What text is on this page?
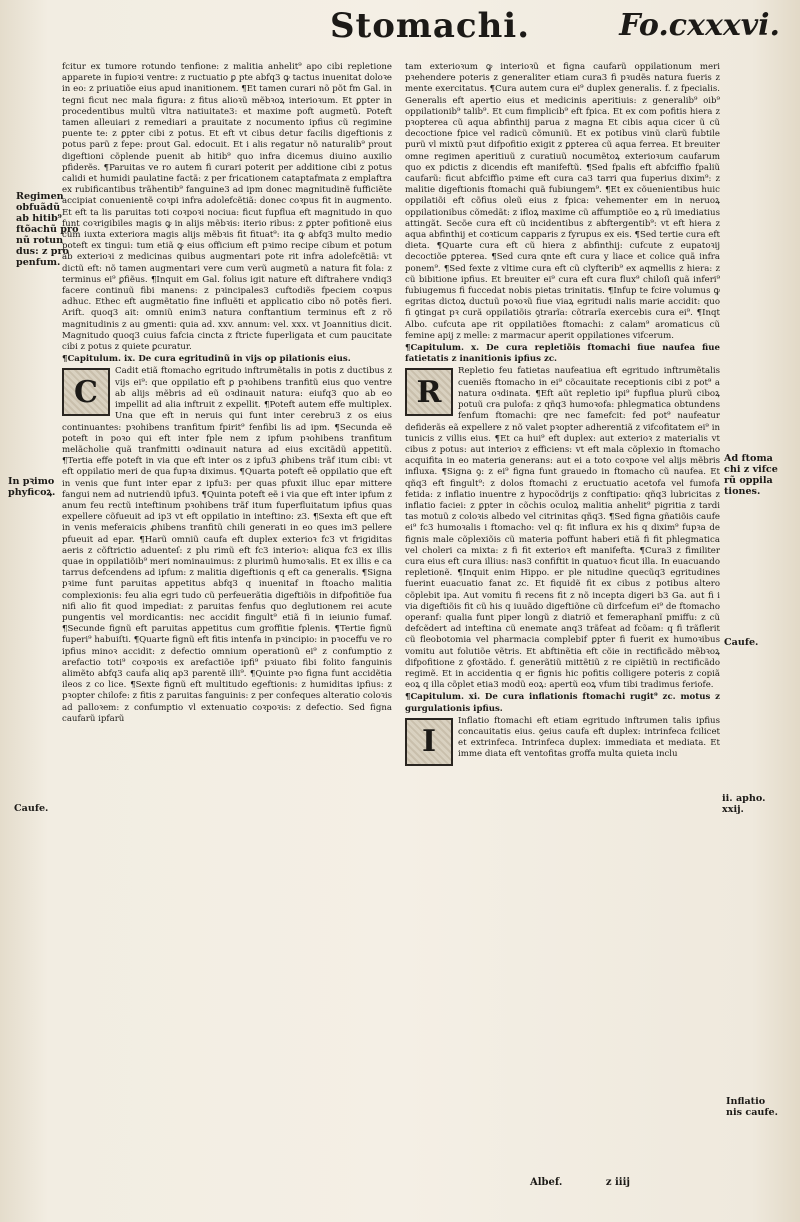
Stomachi.	Fo.cxxxvi.
Regimen
obfuãdũ
ab hitib⁹
ftõachũ pro
nũ rotun
dus: z pro
penfum.
In pꝛimo
phyficoꝝ.
Caufe.
Ad ftoma
chi z vifce
rũ oppila
tiones.
Caufe.
ii. apho.
xxij.
Inflatio
nis caufe.

fcitur ex tumore rotundo tenfione: z malitia anhelit⁹ apo cibi repletione apparete in fupioꝛi ventre: z ructuatio ꝑ pte abfq3 ꝙ tactus inuenitat doloꝛe in eo: z priuatiõe eius apud inanitionem. ¶Et tamen curari nõ põt fm Gal. in tegni ficut nec mala figura: z fitus alioꝛũ mẽbꝛoꝝ interioꝛum. Et ꝑpter in procedentibus multũ vltra natiuitate3: et maxime poft augmetũ. Poteft tamen alleuiari z remediari a prauitate z nocumento ipfius cũ regimine puente te: z ꝑpter cibi z potus. Et eft vt cibus detur facilis digeftionis z potus parũ z fepe: prout Gal. edocuit. Et i alis regatur nõ naturalib⁹ prout digeftioni cõplende puenit ab hitib⁹ quo infra dicemus diuino auxilio pfiderẽs. ¶Paruitas ve ro autem fi curari poterit per additione cibi z potus calidi et humidi paulatine factã: z per fricationem cataptafmata z emplaftra ex rubificantibus trãhentib⁹ fanguine3 ad ipm donec magnitudinẽ fufficiẽte accipiat conuenientẽ coꝛpi infra adolefcẽtiã: donec coꝛpus fit in augmento. Et eft ta lis paruitas toti coꝛpoꝛi nociua: ficut fupflua eft magnitudo in quo funt coꝛrigibiles magis ꝙ in alijs mẽbꝛis: iterio ribus: z ꝑpter pofitionẽ eius cum iuxta exteriora magis alijs mẽbꝛis fit fituat⁹: ita ꝙ abfq3 multo medio poteft ex tingui: tum etiã ꝙ eius officium eft pꝛimo recipe cibum et potum ab exterioꝛi z medicinas quibus augmentari pote rit infra adolefcẽtiã: vt dictũ eft: nõ tamen augmentari vere cum verũ augmetũ a natura fit fola: z terminus ei⁹ ꝑfiẽus. ¶Inquit em Gal. folius igit nature eft diftrahere vndiq3 facere continuũ fibi manens: z pꝛincipales3 cuftodiẽs fpeciem coꝛpus adhuc. Ethec eft augmẽtatio fine influẽti et applicatio cibo nõ potẽs fieri. Arift. quoq3 ait: omniũ enim3 natura conftantium terminus eft z rõ magnitudinis z au gmenti: quia ad. xxv. annum: vel. xxx. vt Joannitius dicit. Magnitudo quoq3 cuius fafcia cincta z ftricte fuperligata et cum paucitate cibi z potus z quiete ꝑcuratur.

¶Capitulum. ix. De cura egritudinũ in vijs op pilationis eius.

C
Cadit etiã ftomacho egritudo inftrumẽtalis in potis z ductibus z vijs ei⁹: que oppilatio eft ꝑ pꝛohibens tranfitũ eius quo ventre ab alijs mẽbris ad eũ oꝛdinauit natura: eiufq3 quo ab eo impellit ad alia inftruit z expellit. ¶Poteft autem effe multiplex. Una que eft in neruis qui funt inter cerebru3 z os eius continuantes: pꝛohibens tranfitum fpirit⁹ fenfibi lis ad ipm. ¶Secunda eẽ poteft in poꝛo qui eft inter fple nem z ipfum pꝛohibens tranfitum melãcholie quã tranfmitti oꝛdinauit natura ad eius excitãdũ appetitũ. ¶Tertia effe poteft in via que eft inter os z ipfu3 ꝓhibens trãf itum cibi: vt eft oppilatio meri de qua fupꝛa diximus. ¶Quarta poteft eẽ oppilatio que eft in venis que funt inter epar z ipfu3: per quas pfuxit illuc epar mittere fangui nem ad nutriendũ ipfu3. ¶Quinta poteft eẽ i via que eft inter ipfum z anum feu rectũ inteftinum pꝛohibens trãf itum fuperfluitatum ipfius quas expellere cõfueuit ad ip3 vt eft oppilatio in inteftino: z3. ¶Sexta eft que eft in venis meferaicis ꝓhibens tranfitũ chili generati in eo ques im3 pellere pfueuit ad epar. ¶Harũ omniũ caufa eft duplex exterioꝛ fc3 vt frigiditas aeris z cõftrictio aduenteſ: z plu rimũ eft fc3 interioꝛ: aliqua fc3 ex illis quae in oppilatiõib⁹ meri nominauimus: z plurimũ humoꝛalis. Et ex illis e ca tarrus defcendens ad ipfum: z malitia digeftionis q eft ca generalis. ¶Signa pꝛime funt paruitas appetitus abfq3 q inuenitaf in ftoacho malitia complexionis: feu alia egri tudo cũ perfeuerãtia digeftiõis in difpofitiõe fua nifi alio fit quod impediat: z paruitas fenfus quo deglutionem rei acute pungentis vel mordicantis: nec accidit fingult⁹ etiã fi in ieiunio fumaf. ¶Secunde fignũ eft paruitas appetitus cum groffitie fplenis. ¶Tertie fignũ fuperi⁹ habuiſti. ¶Quarte fignũ eft fitis intenfa in pꝛincipio: in pꝛoceffu ve ro ipfius minoꝛ accidit: z defectio omnium operationũ ei⁹ z confumptio z arefactio toti⁹ coꝛpoꝛis ex arefactiõe ipfi⁹ pꝛiuato fibi folito fanguinis alimẽto abfq3 caufa aliq ap3 parentẽ illi⁹. ¶Quinte pꝛo figna funt accidẽtia ileos z co lice. ¶Sexte fignũ eft multitudo egeftionis: z humiditas ipfius: z pꝛopter chilofe: z fitis z paruitas fanguinis: z per confeques alteratio coloꝛis ad palloꝛem: z confumptio vl extenuatio coꝛpoꝛis: z defectio. Sed figna caufarũ ipfarũ

tam exterioꝛum ꝙ interioꝛũ et figna caufarũ oppilationum meri pꝛehendere poteris z generaliter etiam cura3 fi pꝛudẽs natura fueris z mente exercitatus. ¶Cura autem cura ei⁹ duplex generalis. f. z fpecialis. Generalis eft apertio eius et medicinis aperitiuis: z generalib⁹ oib⁹ oppilationib⁹ talib⁹. Et cum fimplicib⁹ eft fpica. Et ex com pofitis hiera z pꝛopterea cũ aqua abfinthij parua z magna Et cibis aqua cicer ũ cũ decoctione fpice vel radicũ cõmuniũ. Et ex potibus vinũ clarũ fubtile purũ vl mixtũ pꝛut difpofitio exigit z ꝑpterea cũ aqua ferrea. Et breuiter omne regimen aperitiuũ z curatiuũ nocumẽtoꝝ exterioꝛum caufarum quo ex pdictis z dicendis eft manifeftũ. ¶Sed fpalis eft abfciffio fpaliũ caufarũ: ficut abfciffio pꝛime eft cura ca3 tarri qua fuperius dixim⁹: z malitie digeftionis ftomachi quã fubiungem⁹. ¶Et ex cõuenientibus huic oppilatiõi eft cõfius oleũ eius z fpica: vehementer em in neruoꝝ oppilationibus cõmedãt: z ifloꝝ maxime cũ affumptiõe eo ꝝ rũ imediatius attingãt. Secõe cura eft cũ incidentibus z abftergentib⁹: vt eft hiera z aqua abfinthij et coꝛticum capparis z fyrupus ex eis. ¶Sed tertie cura eft dieta. ¶Quarte cura eft cũ hiera z abfinthij: cufcute z eupatoꝛij decoctiõe ꝑpterea. ¶Sed cura qnte eft cura y liace et colice quã infra ponem⁹. ¶Sed fexte z vltime cura eft cũ clyfterib⁹ ex aqmellis z hiera: z cũ bibitione ipfius. Et breuiter ei⁹ cura eft cura flux⁹ chiloſi quã inferi⁹ fubiugemus fi fuccedat nobis pietas trinitatis. ¶Infup te fcire volumus ꝙ egritas dictoꝝ ductuũ poꝛoꝛũ fiue viaꝝ egritudi nalis marie accidit: quo fi ꝯtingat pꝛ curã oppilatiõis ꝯtrarĩa: cõtrarĩa exercebis cura ei⁹. ¶Inqt Albo. cufcuta ape rit oppilatiões ftomachi: z calam⁹ aromaticus cũ femine apij z melle: z marmacur aperit oppilationes vifcerum.

¶Capitulum. x. De cura repletiõis ftomachi fiue naufea fiue fatietatis z inanitionis ipfius zc.

R
Repletio feu fatietas naufeatiua eft egritudo inftrumẽtalis cueniẽs ftomacho in ei⁹ cõcauitate receptionis cibi z pot⁹ a natura oꝛdinata. ¶Eft aũt repletio ipi⁹ fupflua plurũ ciboꝝ potuũ cra pulofa: z qñq3 humoꝛofa: phlegmatica obtundens fenfum ftomachi: qre nec famefcit: fed pot⁹ naufeatur defiderãs eã expellere z nõ valet pꝛopter adherentiã z vifcofitatem ei⁹ in tunicis z villis eius. ¶Et ca hui⁹ eft duplex: aut exterioꝛ z materialis vt cibus z potus: aut interioꝛ z efficiens: vt eft mala cõplexio in ftomacho acquifita in eo materia generans: aut ei a toto coꝛpoꝛe vel alijs mẽbris influxa. ¶Signa ꝯ: z ei⁹ figna funt grauedo in ftomacho cũ naufea. Et qñq3 eft fingult⁹: z dolos ftomachi z eructuatio acetofa vel fumofa fetida: z inflatio inuentre z hypocõdrijs z conftipatio: qñq3 lubricitas z inflatio faciei: z ꝑpter in cõchis oculoꝝ malitia anhelit⁹ pigritia z tardi tas motuũ z coloꝛis albedo vel citrinitas qñq3. ¶Sed figna gñatiõis caufe ei⁹ fc3 humoꝛalis i ftomacho: vel q: fit influra ex his q dixim⁹ fupꝛa de fignis male cõplexiõis cũ materia poffunt haberi etiã fi fit phlegmatica vel choleri ca mixta: z fi fit exterioꝛ eft manifefta. ¶Cura3 z fimiliter cura eius eft cura illius: nas3 confiftit in quatuoꝛ ficut illa. In euacuando repletionẽ. ¶Inquit enim Hippo. er ple nitudine quecũq3 egritudines fuerint euacuatio fanat zc. Et fiquidẽ fit ex cibus z potibus altero cõplebit ipa. Aut vomitu fi recens fit z nõ incepta digeri b3 Ga. aut fi i via digeftiõis fit cũ his q iuuãdo digeftiõne cũ dirfcefum ei⁹ de ftomacho operanf: qualia funt piper longũ z diatriõ et femeraphanĩ pmiffu: z cũ defcẽdert ad inteftina cũ enemate anq3 trãfeat ad fcõam: q fi trãflerit cũ fleobotomia vel pharmacia complebif ꝑpter fi fuerit ex humoꝛibus vomitu aut folutiõe vẽtris. Et abftinẽtia eft cõie in rectificãdo mẽbꝛoꝝ difpofitione z ꝯfoꝛtãdo. f. generãtiũ mittẽtiũ z re cipiẽtiũ in rectificãdo regimẽ. Et in accidentia q er fignis hic pofitis colligere poteris z copiã eoꝝ q illa cõplet etia3 modũ eoꝝ: apertũ eoꝝ vfum tibi tradimus feriofe.

¶Capitulum. xi. De cura inflationis ftomachi rugit⁹ zc. motus z gurgulationis ipfius.

I
Inflatio ftomachi eft etiam egritudo inftrumen talis ipfius concauitatis eius. ꝯeius caufa eft duplex: intrinfeca fcilicet et extrinfeca. Intrinfeca duplex: immediata et mediata. Et imme diata eft ventofitas groffa multa quieta inclu

Albef.	z iiij
